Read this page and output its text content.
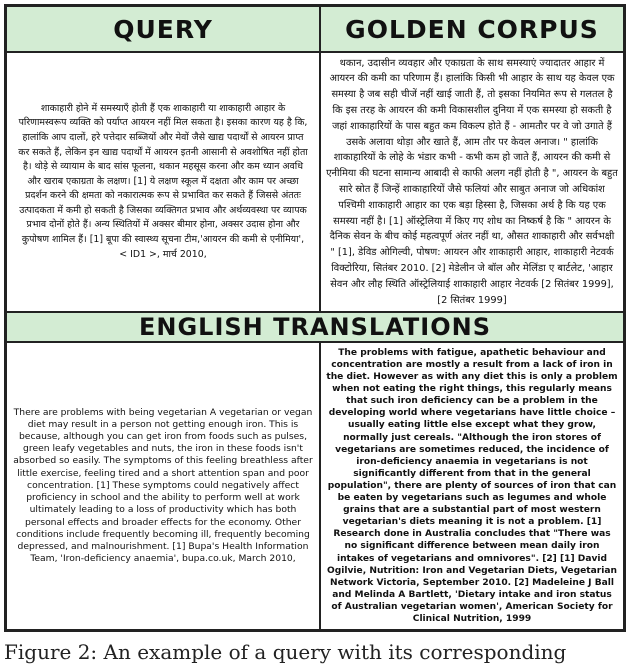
QUERY	GOLDEN CORPUS

शाकाहारी होने में समस्याएँ होती हैं एक शाकाहारी या शाकाहारी आहार के परिणामस्वरूप व्यक्ति को पर्याप्त आयरन नहीं मिल सकता है। इसका कारण यह है कि, हालांकि आप दालों, हरे पत्तेदार सब्जियों और मेवों जैसे खाद्य पदार्थों से आयरन प्राप्त कर सकते हैं, लेकिन इन खाद्य पदार्थों में आयरन इतनी आसानी से अवशोषित नहीं होता है। थोड़े से व्यायाम के बाद सांस फूलना, थकान महसूस करना और कम ध्यान अवधि और खराब एकाग्रता के लक्षण। [1] ये लक्षण स्कूल में दक्षता और काम पर अच्छा प्रदर्शन करने की क्षमता को नकारात्मक रूप से प्रभावित कर सकते हैं जिससे अंततः उत्पादकता में कमी हो सकती है जिसका व्यक्तिगत प्रभाव और अर्थव्यवस्था पर व्यापक प्रभाव दोनों होते हैं। अन्य स्थितियों में अक्सर बीमार होना, अक्सर उदास होना और कुपोषण शामिल हैं। [1] बूपा की स्वास्थ्य सूचना टीम,'आयरन की कमी से एनीमिया', < ID1 >, मार्च 2010,

थकान, उदासीन व्यवहार और एकाग्रता के साथ समस्याएं ज्यादातर आहार में आयरन की कमी का परिणाम हैं। हालांकि किसी भी आहार के साथ यह केवल एक समस्या है जब सही चीजें नहीं खाई जाती हैं, तो इसका नियमित रूप से गलतल है कि इस तरह के आयरन की कमी विकासशील दुनिया में एक समस्या हो सकती है जहां शाकाहारियों के पास बहुत कम विकल्प होते हैं - आमतौर पर वे जो उगाते हैं उसके अलावा थोड़ा और खाते हैं, आम तौर पर केवल अनाज। " हालांकि शाकाहारियों के लोहे के भंडार कभी - कभी कम हो जाते हैं, आयरन की कमी से एनीमिया की घटना सामान्य आबादी से काफी अलग नहीं होती है ", आयरन के बहुत सारे स्रोत हैं जिन्हें शाकाहारियों जैसे फलियां और साबुत अनाज जो अधिकांश पश्चिमी शाकाहारी आहार का एक बड़ा हिस्सा है, जिसका अर्थ है कि यह एक समस्या नहीं है। [1] ऑस्ट्रेलिया में किए गए शोध का निष्कर्ष है कि " आयरन के दैनिक सेवन के बीच कोई महत्वपूर्ण अंतर नहीं था, औसत शाकाहारी और सर्वभक्षी " [1], डेविड ओगिल्वी, पोषण: आयरन और शाकाहारी आहार, शाकाहारी नेटवर्क विक्टोरिया, सितंबर 2010. [2] मेडेलीन जे बॉल और मेलिंडा ए बार्टलेट, 'आहार सेवन और लौह स्थिति ऑस्ट्रेलियाई शाकाहारी आहार नेटवर्क [2 सितंबर 1999], [2 सितंबर 1999]

ENGLISH TRANSLATIONS

There are problems with being vegetarian A vegetarian or vegan diet may result in a person not getting enough iron. This is because, although you can get iron from foods such as pulses, green leafy vegetables and nuts, the iron in these foods isn't absorbed so easily. The symptoms of this feeling breathless after little exercise, feeling tired and a short attention span and poor concentration. [1] These symptoms could negatively affect proficiency in school and the ability to perform well at work ultimately leading to a loss of productivity which has both personal effects and broader effects for the economy. Other conditions include frequently becoming ill, frequently becoming depressed, and malnourishment. [1] Bupa's Health Information Team, 'Iron-deficiency anaemia', bupa.co.uk, March 2010,

The problems with fatigue, apathetic behaviour and concentration are mostly a result from a lack of iron in the diet. However as with any diet this is only a problem when not eating the right things, this regularly means that such iron deficiency can be a problem in the developing world where vegetarians have little choice – usually eating little else except what they grow, normally just cereals. "Although the iron stores of vegetarians are sometimes reduced, the incidence of iron-deficiency anaemia in vegetarians is not significantly different from that in the general population", there are plenty of sources of iron that can be eaten by vegetarians such as legumes and whole grains that are a substantial part of most western vegetarian's diets meaning it is not a problem. [1] Research done in Australia concludes that "There was no significant difference between mean daily iron intakes of vegetarians and omnivores". [2] [1] David Ogilvie, Nutrition: Iron and Vegetarian Diets, Vegetarian Network Victoria, September 2010. [2] Madeleine J Ball and Melinda A Bartlett, 'Dietary intake and iron status of Australian vegetarian women', American Society for Clinical Nutrition, 1999

Figure 2: An example of a query with its corresponding
